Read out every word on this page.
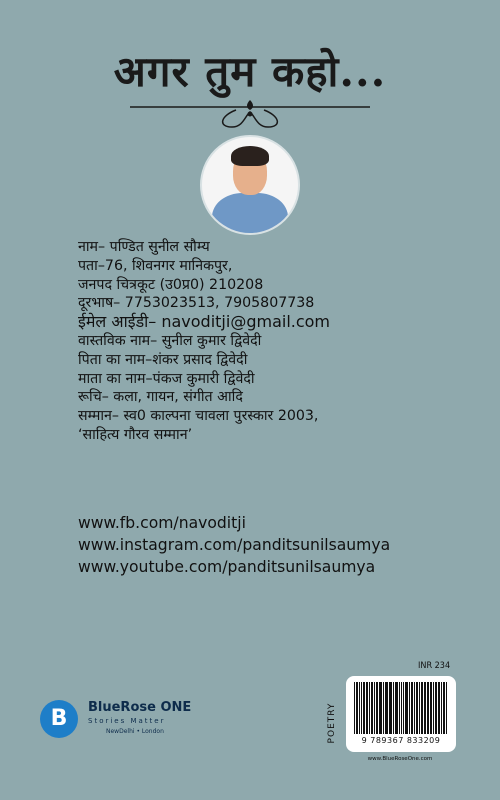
अगर तुम कहो...
नाम– पण्डित सुनील सौम्य
पता–76, शिवनगर मानिकपुर,
जनपद चित्रकूट (उ0प्र0) 210208
दूरभाष– 7753023513, 7905807738
ईमेल आईडी– navoditji@gmail.com
वास्तविक नाम– सुनील कुमार द्विवेदी
पिता का नाम–शंकर प्रसाद द्विवेदी
माता का नाम–पंकज कुमारी द्विवेदी
रूचि– कला, गायन, संगीत आदि
सम्मान– स्व0 काल्पना चावला पुरस्कार 2003,
‘साहित्य गौरव सम्मान’
www.fb.com/navoditji
www.instagram.com/panditsunilsaumya
www.youtube.com/panditsunilsaumya
B	BlueRose ONE
Stories Matter
NewDelhi • London
INR 234
POETRY	9 789367 833209
www.BlueRoseOne.com
